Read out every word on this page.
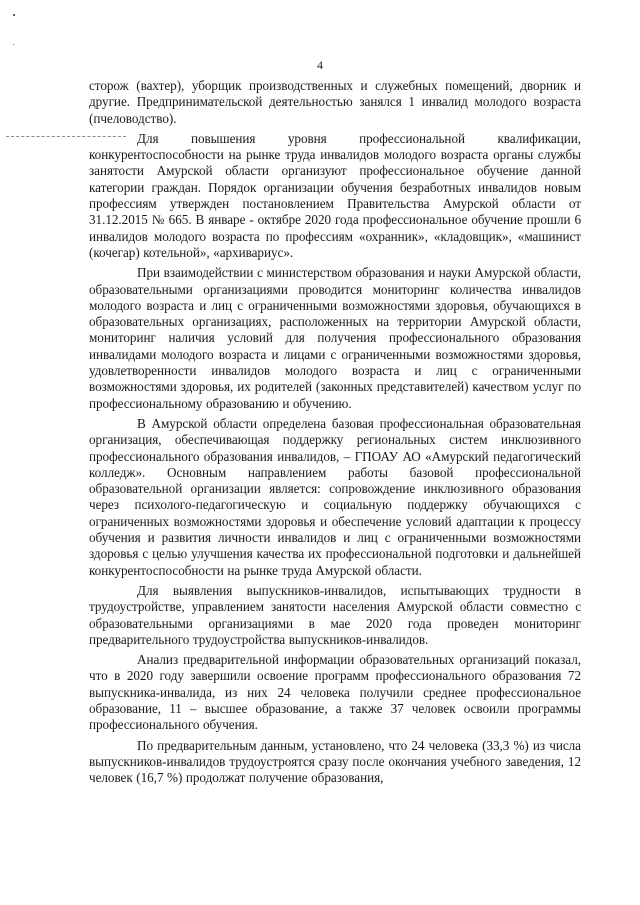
4

сторож (вахтер), уборщик производственных и служебных помещений, дворник и другие. Предпринимательской деятельностью занялся 1 инвалид молодого возраста (пчеловодство).

Для повышения уровня профессиональной квалификации, конкурентоспособности на рынке труда инвалидов молодого возраста органы службы занятости Амурской области организуют профессиональное обучение данной категории граждан. Порядок организации обучения безработных инвалидов новым профессиям утвержден постановлением Правительства Амурской области от 31.12.2015 № 665. В январе - октябре 2020 года профессиональное обучение прошли 6 инвалидов молодого возраста по профессиям «охранник», «кладовщик», «машинист (кочегар) котельной», «архивариус».

При взаимодействии с министерством образования и науки Амурской области, образовательными организациями проводится мониторинг количества инвалидов молодого возраста и лиц с ограниченными возможностями здоровья, обучающихся в образовательных организациях, расположенных на территории Амурской области, мониторинг наличия условий для получения профессионального образования инвалидами молодого возраста и лицами с ограниченными возможностями здоровья, удовлетворенности инвалидов молодого возраста и лиц с ограниченными возможностями здоровья, их родителей (законных представителей) качеством услуг по профессиональному образованию и обучению.

В Амурской области определена базовая профессиональная образовательная организация, обеспечивающая поддержку региональных систем инклюзивного профессионального образования инвалидов, – ГПОАУ АО «Амурский педагогический колледж». Основным направлением работы базовой профессиональной образовательной организации является: сопровождение инклюзивного образования через психолого-педагогическую и социальную поддержку обучающихся с ограниченных возможностями здоровья и обеспечение условий адаптации к процессу обучения и развития личности инвалидов и лиц с ограниченными возможностями здоровья с целью улучшения качества их профессиональной подготовки и дальнейшей конкурентоспособности на рынке труда Амурской области.

Для выявления выпускников-инвалидов, испытывающих трудности в трудоустройстве, управлением занятости населения Амурской области совместно с образовательными организациями в мае 2020 года проведен мониторинг предварительного трудоустройства выпускников-инвалидов.

Анализ предварительной информации образовательных организаций показал, что в 2020 году завершили освоение программ профессионального образования 72 выпускника-инвалида, из них 24 человека получили среднее профессиональное образование, 11 – высшее образование, а также 37 человек освоили программы профессионального обучения.

По предварительным данным, установлено, что 24 человека (33,3 %) из числа выпускников-инвалидов трудоустроятся сразу после окончания учебного заведения, 12 человек (16,7 %) продолжат получение образования,
